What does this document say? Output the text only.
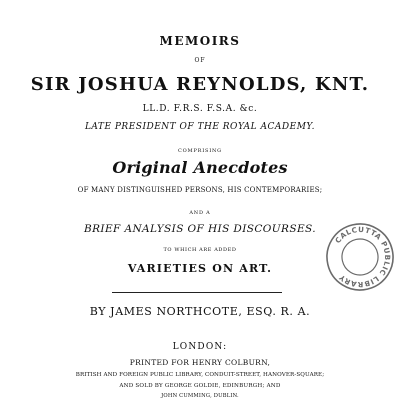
MEMOIRS
OF
SIR JOSHUA REYNOLDS, KNT.
LL.D. F.R.S. F.S.A. &c.
LATE PRESIDENT OF THE ROYAL ACADEMY.
COMPRISING
Original Anecdotes
OF MANY DISTINGUISHED PERSONS, HIS CONTEMPORARIES;
AND A
BRIEF ANALYSIS OF HIS DISCOURSES.
TO WHICH ARE ADDED
VARIETIES ON ART.
BY JAMES NORTHCOTE, ESQ. R. A.
LONDON:
PRINTED FOR HENRY COLBURN,
BRITISH AND FOREIGN PUBLIC LIBRARY, CONDUIT-STREET, HANOVER-SQUARE;
AND SOLD BY GEORGE GOLDIE, EDINBURGH; AND
JOHN CUMMING, DUBLIN.
CALCUTTA PUBLIC LIBRARY
